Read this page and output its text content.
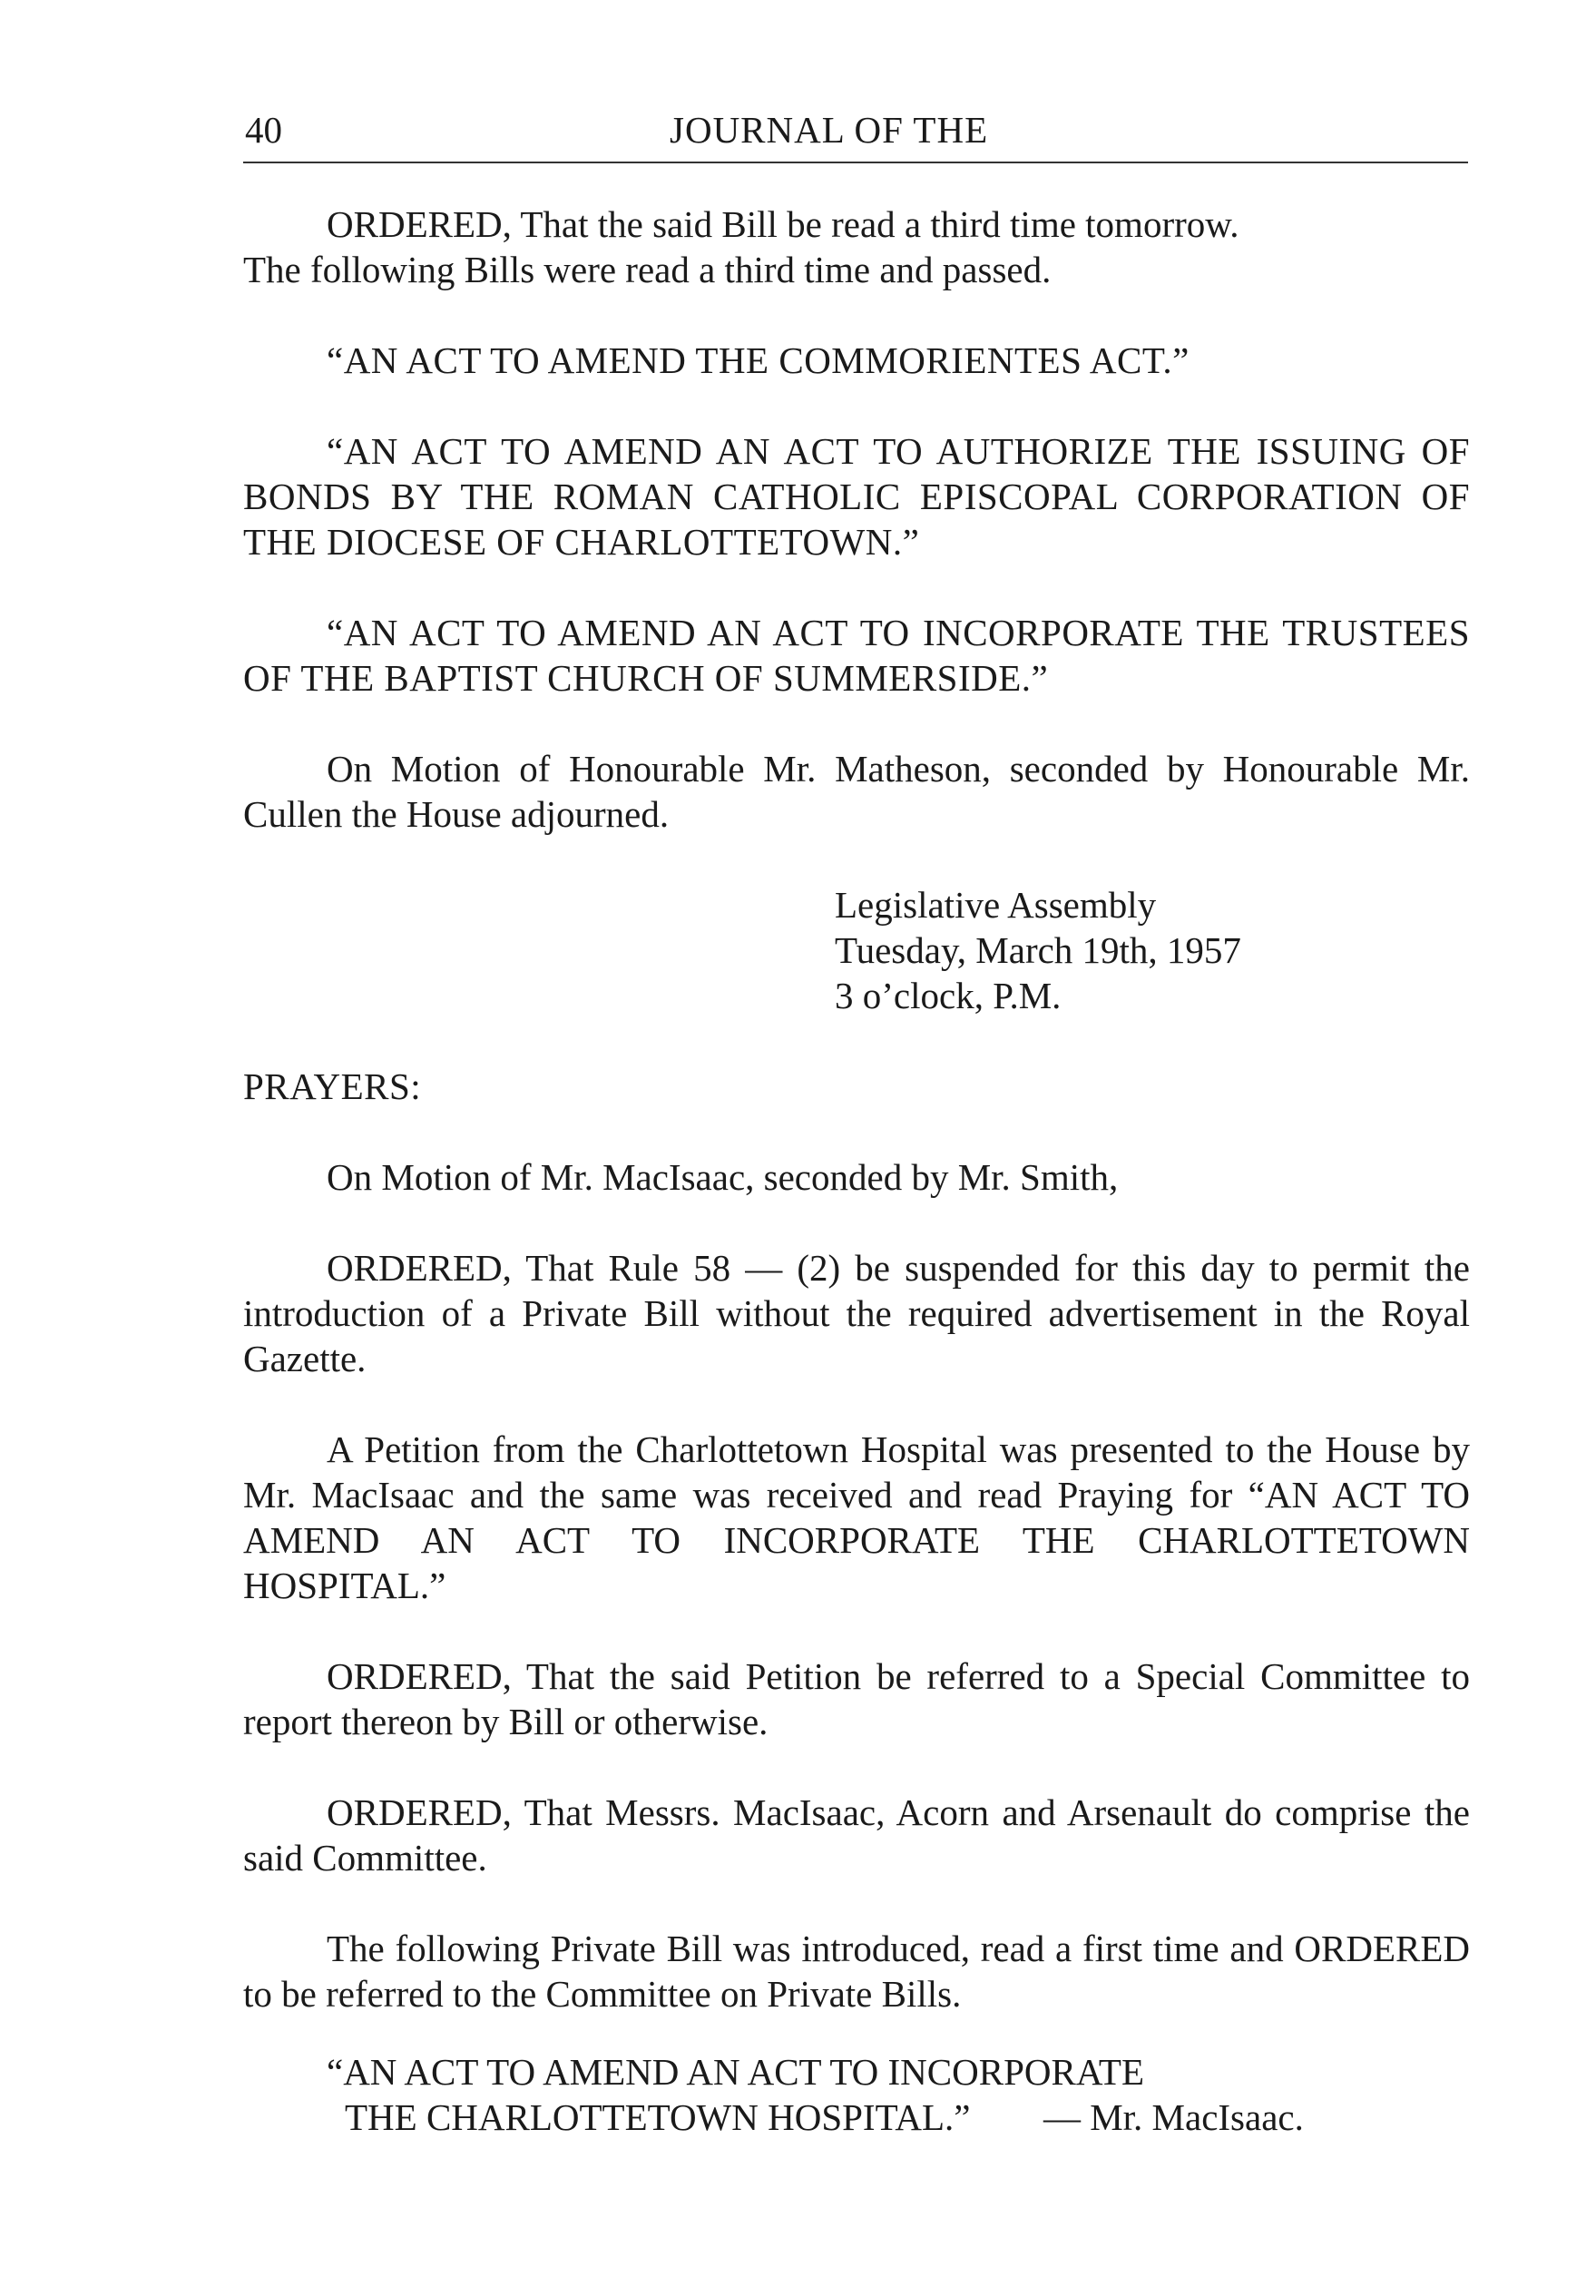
40	JOURNAL OF THE

ORDERED, That the said Bill be read a third time tomorrow.

The following Bills were read a third time and passed.

“AN ACT TO AMEND THE COMMORIENTES ACT.”

“AN ACT TO AMEND AN ACT TO AUTHORIZE THE ISSUING OF BONDS BY THE ROMAN CATHOLIC EPISCOPAL CORPORATION OF THE DIOCESE OF CHARLOTTETOWN.”

“AN ACT TO AMEND AN ACT TO INCORPORATE THE TRUSTEES OF THE BAPTIST CHURCH OF SUMMERSIDE.”

On Motion of Honourable Mr. Matheson, seconded by Honourable Mr. Cullen the House adjourned.

Legislative Assembly
Tuesday, March 19th, 1957
3 o’clock, P.M.

PRAYERS:

On Motion of Mr. MacIsaac, seconded by Mr. Smith,

ORDERED, That Rule 58 — (2) be suspended for this day to permit the introduction of a Private Bill without the required advertisement in the Royal Gazette.

A Petition from the Charlottetown Hospital was presented to the House by Mr. MacIsaac and the same was received and read Praying for “AN ACT TO AMEND AN ACT TO INCORPORATE THE CHARLOTTETOWN HOSPITAL.”

ORDERED, That the said Petition be referred to a Special Committee to report thereon by Bill or otherwise.

ORDERED, That Messrs. MacIsaac, Acorn and Arsenault do comprise the said Committee.

The following Private Bill was introduced, read a first time and ORDERED to be referred to the Committee on Private Bills.

“AN ACT TO AMEND AN ACT TO INCORPORATE
THE CHARLOTTETOWN HOSPITAL.” — Mr. MacIsaac.
